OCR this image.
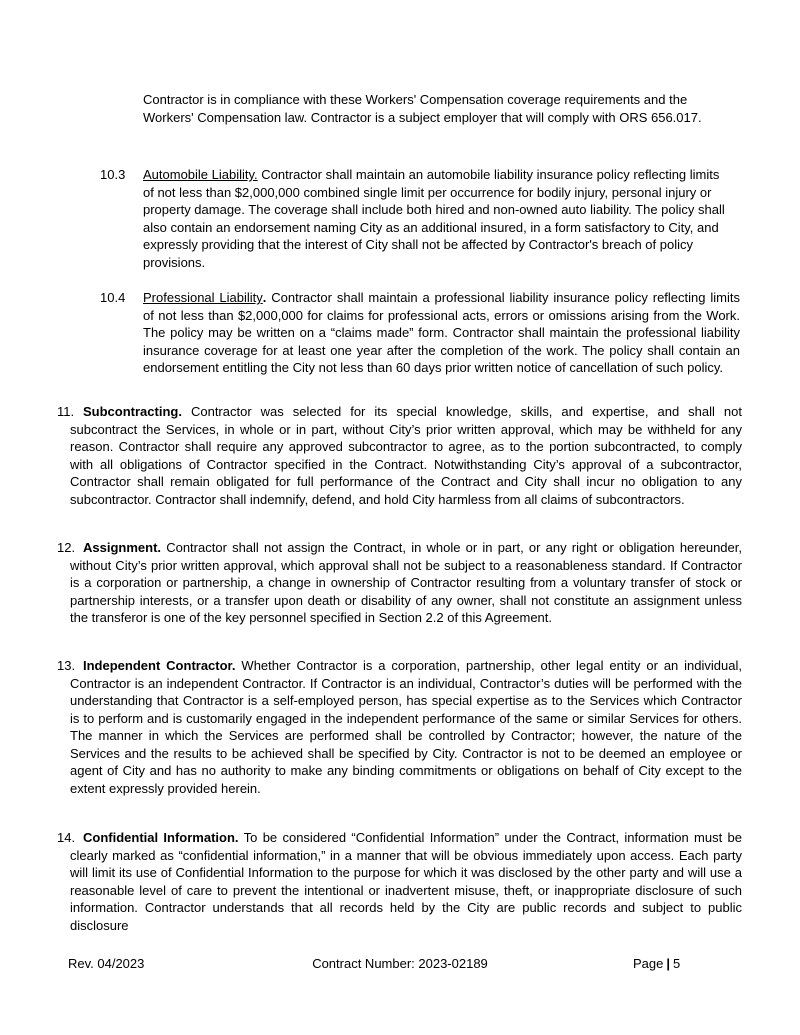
Contractor is in compliance with these Workers' Compensation coverage requirements and the Workers' Compensation law. Contractor is a subject employer that will comply with ORS 656.017.

10.3 Automobile Liability. Contractor shall maintain an automobile liability insurance policy reflecting limits of not less than $2,000,000 combined single limit per occurrence for bodily injury, personal injury or property damage. The coverage shall include both hired and non-owned auto liability. The policy shall also contain an endorsement naming City as an additional insured, in a form satisfactory to City, and expressly providing that the interest of City shall not be affected by Contractor's breach of policy provisions.

10.4 Professional Liability. Contractor shall maintain a professional liability insurance policy reflecting limits of not less than $2,000,000 for claims for professional acts, errors or omissions arising from the Work. The policy may be written on a “claims made” form. Contractor shall maintain the professional liability insurance coverage for at least one year after the completion of the work. The policy shall contain an endorsement entitling the City not less than 60 days prior written notice of cancellation of such policy.

11. Subcontracting. Contractor was selected for its special knowledge, skills, and expertise, and shall not subcontract the Services, in whole or in part, without City’s prior written approval, which may be withheld for any reason. Contractor shall require any approved subcontractor to agree, as to the portion subcontracted, to comply with all obligations of Contractor specified in the Contract. Notwithstanding City’s approval of a subcontractor, Contractor shall remain obligated for full performance of the Contract and City shall incur no obligation to any subcontractor. Contractor shall indemnify, defend, and hold City harmless from all claims of subcontractors.

12. Assignment. Contractor shall not assign the Contract, in whole or in part, or any right or obligation hereunder, without City’s prior written approval, which approval shall not be subject to a reasonableness standard. If Contractor is a corporation or partnership, a change in ownership of Contractor resulting from a voluntary transfer of stock or partnership interests, or a transfer upon death or disability of any owner, shall not constitute an assignment unless the transferor is one of the key personnel specified in Section 2.2 of this Agreement.

13. Independent Contractor. Whether Contractor is a corporation, partnership, other legal entity or an individual, Contractor is an independent Contractor. If Contractor is an individual, Contractor’s duties will be performed with the understanding that Contractor is a self-employed person, has special expertise as to the Services which Contractor is to perform and is customarily engaged in the independent performance of the same or similar Services for others. The manner in which the Services are performed shall be controlled by Contractor; however, the nature of the Services and the results to be achieved shall be specified by City. Contractor is not to be deemed an employee or agent of City and has no authority to make any binding commitments or obligations on behalf of City except to the extent expressly provided herein.

14. Confidential Information. To be considered “Confidential Information” under the Contract, information must be clearly marked as “confidential information,” in a manner that will be obvious immediately upon access. Each party will limit its use of Confidential Information to the purpose for which it was disclosed by the other party and will use a reasonable level of care to prevent the intentional or inadvertent misuse, theft, or inappropriate disclosure of such information. Contractor understands that all records held by the City are public records and subject to public disclosure

Rev. 04/2023	Contract Number: 2023-02189	Page | 5
